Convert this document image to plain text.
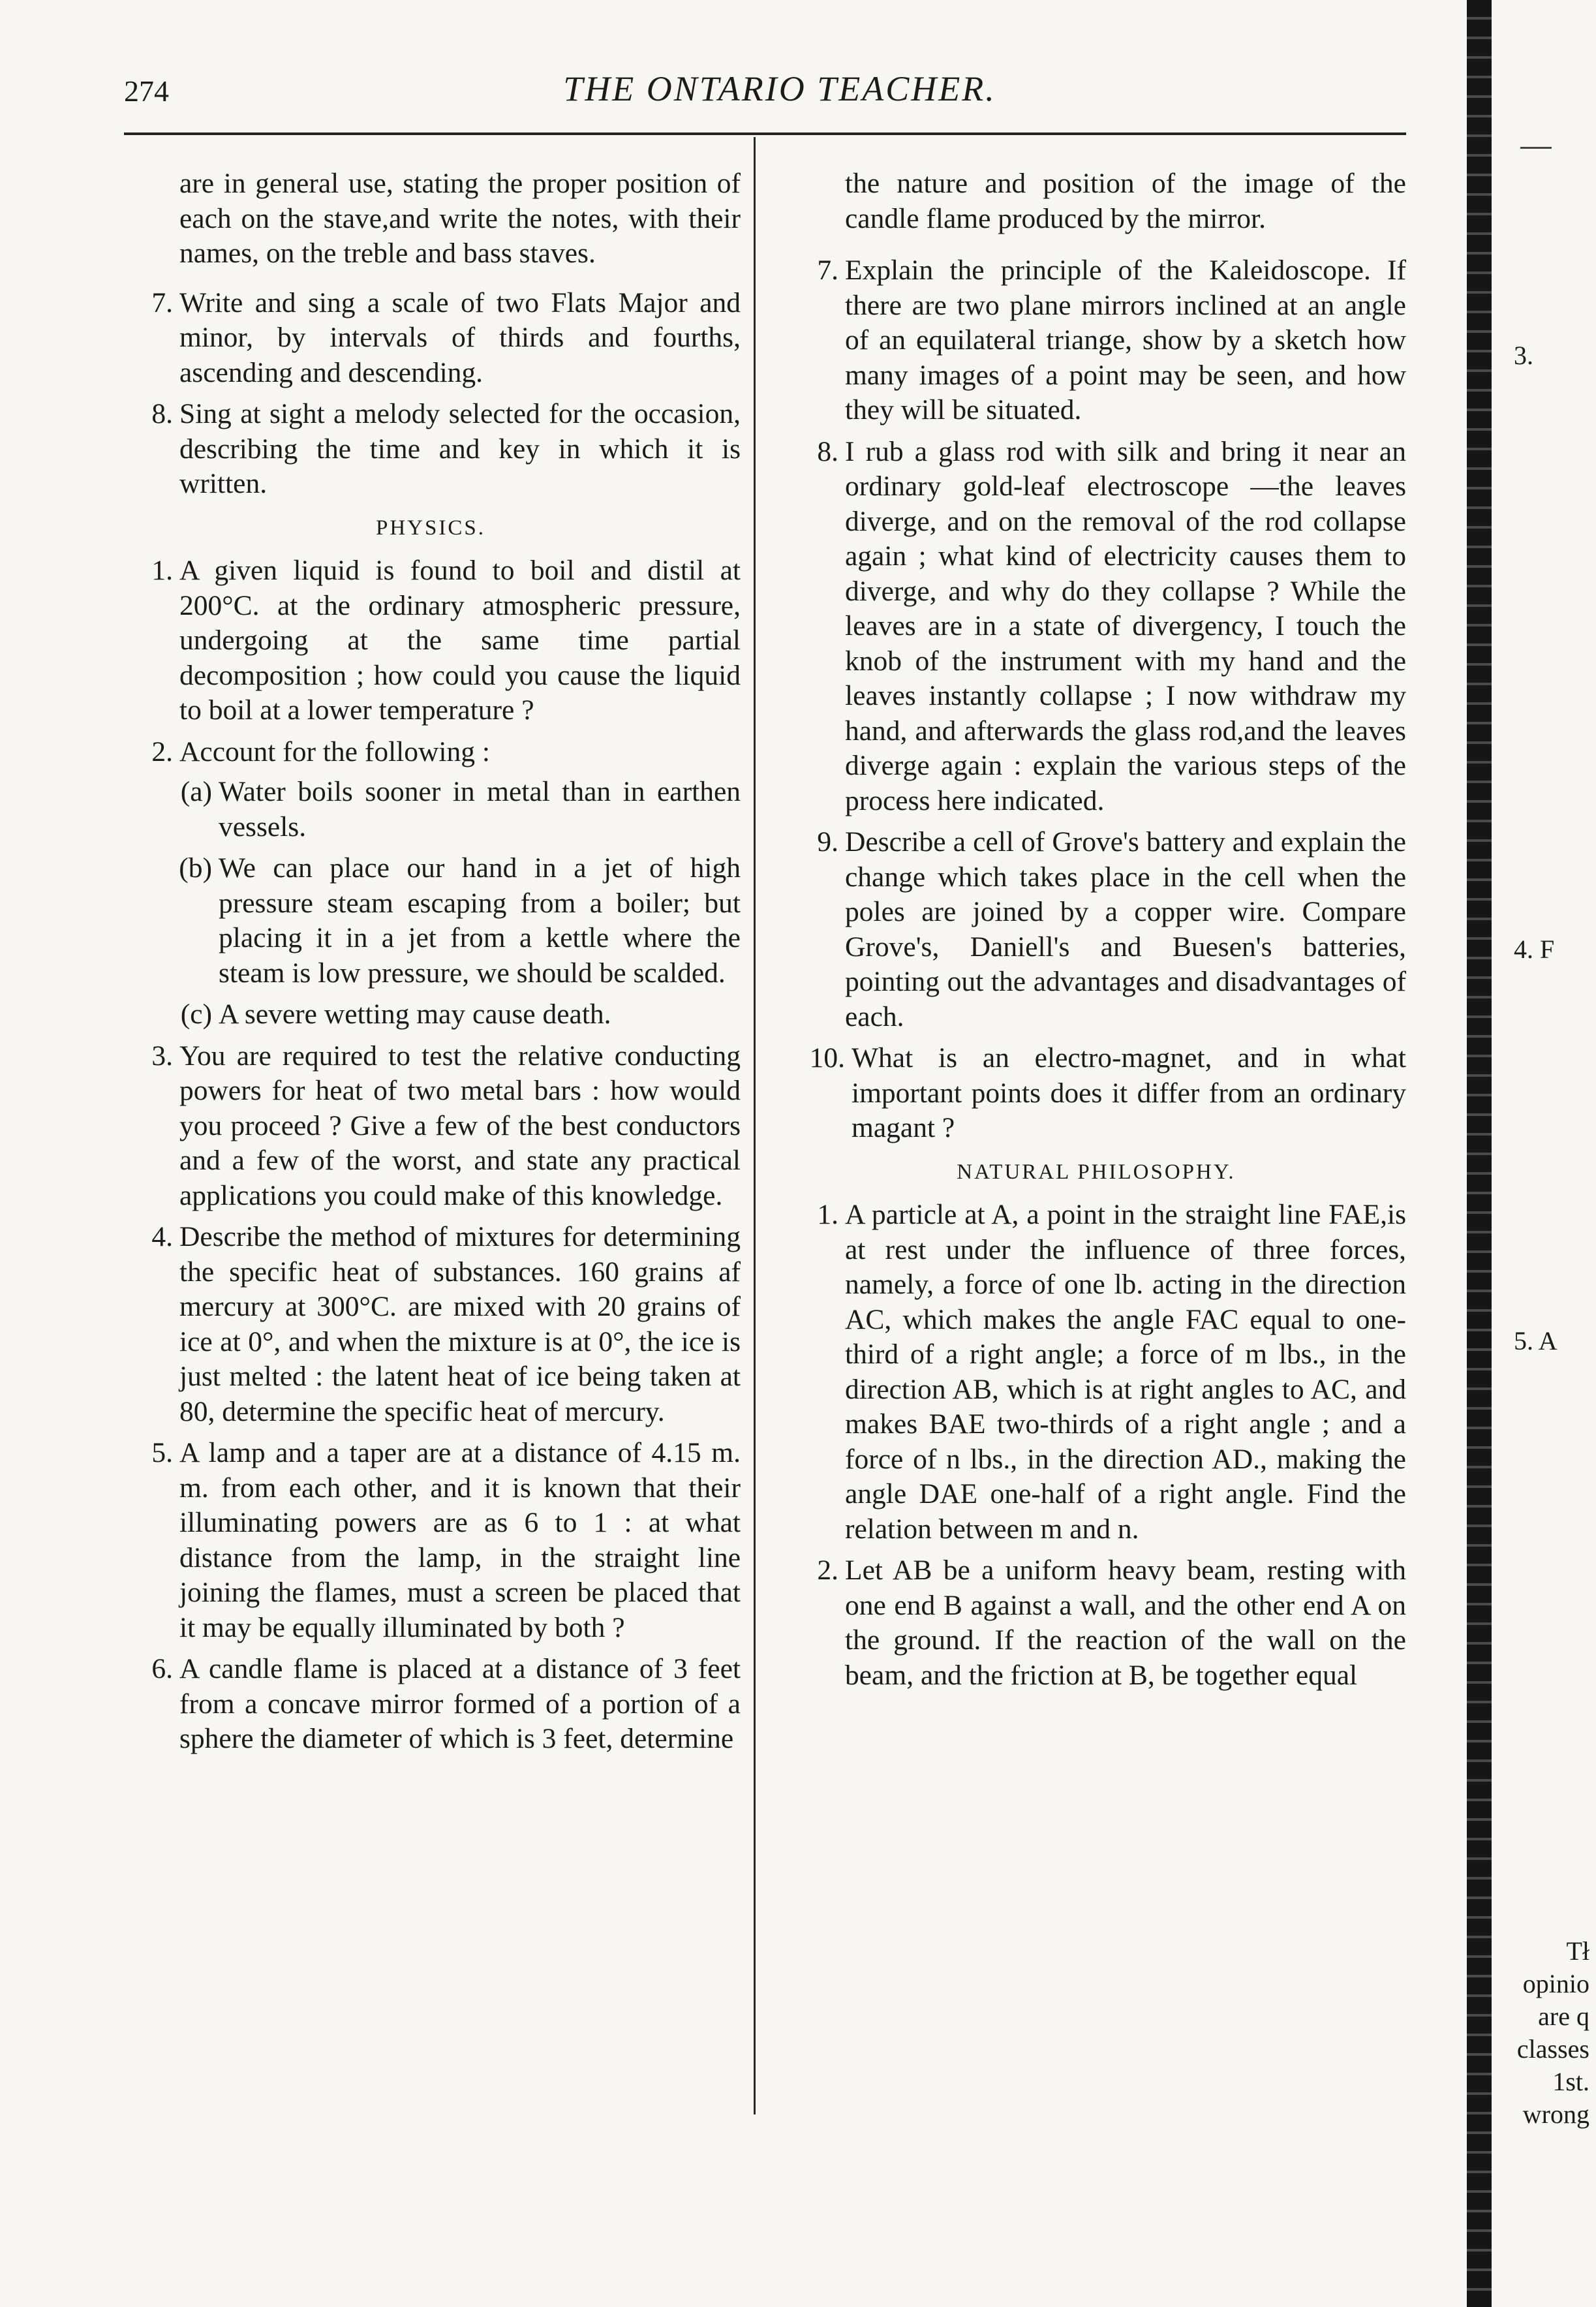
274	THE ONTARIO TEACHER.

are in general use, stating the proper position of each on the stave,and write the notes, with their names, on the treble and bass staves.

7. Write and sing a scale of two Flats Major and minor, by intervals of thirds and fourths, ascending and descending.
8. Sing at sight a melody selected for the occasion, describing the time and key in which it is written.
PHYSICS.
1. A given liquid is found to boil and distil at 200°C. at the ordinary atmospheric pressure, undergoing at the same time partial decomposition ; how could you cause the liquid to boil at a lower temperature ?
2. Account for the following :
(a) Water boils sooner in metal than in earthen vessels.
(b) We can place our hand in a jet of high pressure steam escaping from a boiler; but placing it in a jet from a kettle where the steam is low pressure, we should be scalded.
(c) A severe wetting may cause death.
3. You are required to test the relative conducting powers for heat of two metal bars : how would you proceed ? Give a few of the best conductors and a few of the worst, and state any practical applications you could make of this knowledge.
4. Describe the method of mixtures for determining the specific heat of substances. 160 grains af mercury at 300°C. are mixed with 20 grains of ice at 0°, and when the mixture is at 0°, the ice is just melted : the latent heat of ice being taken at 80, determine the specific heat of mercury.
5. A lamp and a taper are at a distance of 4.15 m. m. from each other, and it is known that their illuminating powers are as 6 to 1 : at what distance from the lamp, in the straight line joining the flames, must a screen be placed that it may be equally illuminated by both ?
6. A candle flame is placed at a distance of 3 feet from a concave mirror formed of a portion of a sphere the diameter of which is 3 feet, determine

the nature and position of the image of the candle flame produced by the mirror.

7. Explain the principle of the Kaleidoscope. If there are two plane mirrors inclined at an angle of an equilateral triange, show by a sketch how many images of a point may be seen, and how they will be situated.
8. I rub a glass rod with silk and bring it near an ordinary gold-leaf electroscope —the leaves diverge, and on the removal of the rod collapse again ; what kind of electricity causes them to diverge, and why do they collapse ? While the leaves are in a state of divergency, I touch the knob of the instrument with my hand and the leaves instantly collapse ; I now withdraw my hand, and afterwards the glass rod,and the leaves diverge again : explain the various steps of the process here indicated.
9. Describe a cell of Grove's battery and explain the change which takes place in the cell when the poles are joined by a copper wire. Compare Grove's, Daniell's and Buesen's batteries, pointing out the advantages and disadvantages of each.
10. What is an electro-magnet, and in what important points does it differ from an ordinary magant ?
NATURAL PHILOSOPHY.
1. A particle at A, a point in the straight line FAE,is at rest under the influence of three forces, namely, a force of one lb. acting in the direction AC, which makes the angle FAC equal to one-third of a right angle; a force of m lbs., in the direction AB, which is at right angles to AC, and makes BAE two-thirds of a right angle ; and a force of n lbs., in the direction AD., making the angle DAE one-half of a right angle. Find the relation between m and n.
2. Let AB be a uniform heavy beam, resting with one end B against a wall, and the other end A on the ground. If the reaction of the wall on the beam, and the friction at B, be together equal
3.
4. F
5. A
Tł
opinio
are q
classes
1st.
wrong
